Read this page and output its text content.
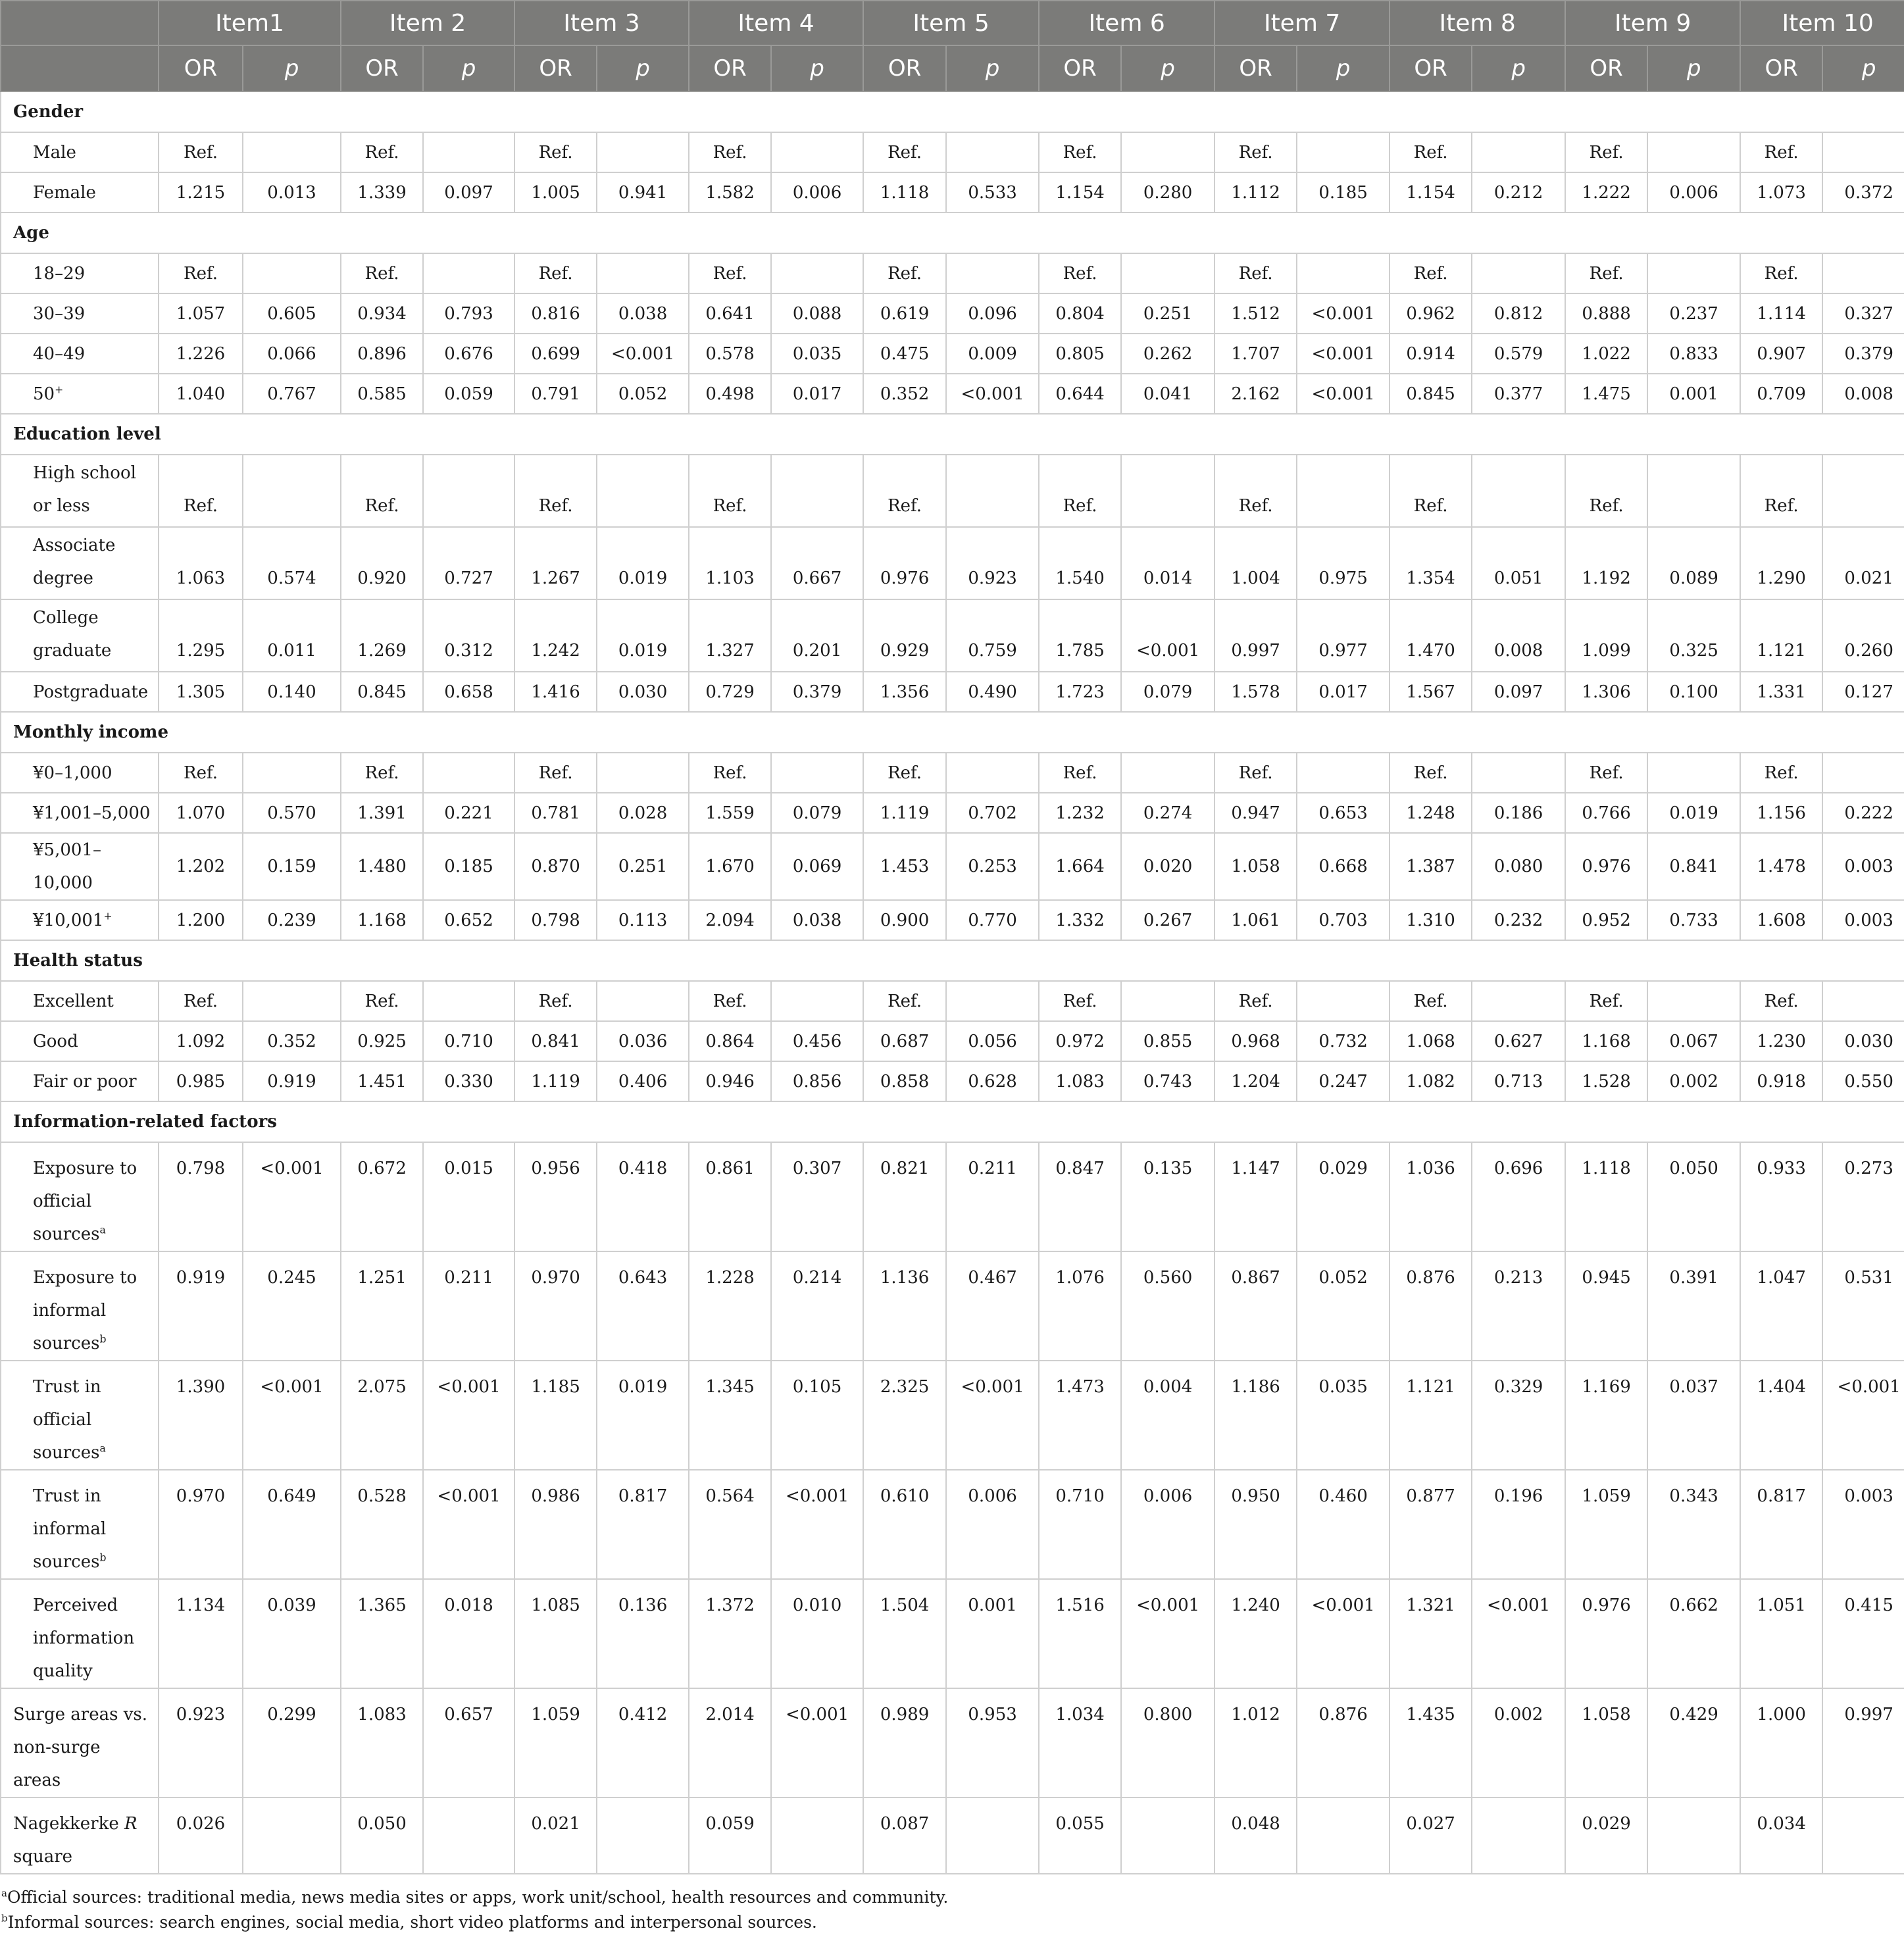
	Item1		Item 2		Item 3		Item 4		Item 5		Item 6		Item 7		Item 8		Item 9		Item 10	
	OR	p	OR	p	OR	p	OR	p	OR	p	OR	p	OR	p	OR	p	OR	p	OR	p
Gender																				
Male	Ref.		Ref.		Ref.		Ref.		Ref.		Ref.		Ref.		Ref.		Ref.		Ref.	
Female	1.215	0.013	1.339	0.097	1.005	0.941	1.582	0.006	1.118	0.533	1.154	0.280	1.112	0.185	1.154	0.212	1.222	0.006	1.073	0.372
Age																				
18–29	Ref.		Ref.		Ref.		Ref.		Ref.		Ref.		Ref.		Ref.		Ref.		Ref.	
30–39	1.057	0.605	0.934	0.793	0.816	0.038	0.641	0.088	0.619	0.096	0.804	0.251	1.512	<0.001	0.962	0.812	0.888	0.237	1.114	0.327
40–49	1.226	0.066	0.896	0.676	0.699	<0.001	0.578	0.035	0.475	0.009	0.805	0.262	1.707	<0.001	0.914	0.579	1.022	0.833	0.907	0.379
50+	1.040	0.767	0.585	0.059	0.791	0.052	0.498	0.017	0.352	<0.001	0.644	0.041	2.162	<0.001	0.845	0.377	1.475	0.001	0.709	0.008
Education level																				

High school
or less	Ref.		Ref.		Ref.		Ref.		Ref.		Ref.		Ref.		Ref.		Ref.		Ref.	

Associate
degree	1.063	0.574	0.920	0.727	1.267	0.019	1.103	0.667	0.976	0.923	1.540	0.014	1.004	0.975	1.354	0.051	1.192	0.089	1.290	0.021

College
graduate	1.295	0.011	1.269	0.312	1.242	0.019	1.327	0.201	0.929	0.759	1.785	<0.001	0.997	0.977	1.470	0.008	1.099	0.325	1.121	0.260
Postgraduate	1.305	0.140	0.845	0.658	1.416	0.030	0.729	0.379	1.356	0.490	1.723	0.079	1.578	0.017	1.567	0.097	1.306	0.100	1.331	0.127
Monthly income																				
¥0–1,000	Ref.		Ref.		Ref.		Ref.		Ref.		Ref.		Ref.		Ref.		Ref.		Ref.	
¥1,001–5,000	1.070	0.570	1.391	0.221	0.781	0.028	1.559	0.079	1.119	0.702	1.232	0.274	0.947	0.653	1.248	0.186	0.766	0.019	1.156	0.222
¥5,001–10,000	1.202	0.159	1.480	0.185	0.870	0.251	1.670	0.069	1.453	0.253	1.664	0.020	1.058	0.668	1.387	0.080	0.976	0.841	1.478	0.003
¥10,001+	1.200	0.239	1.168	0.652	0.798	0.113	2.094	0.038	0.900	0.770	1.332	0.267	1.061	0.703	1.310	0.232	0.952	0.733	1.608	0.003
Health status																				
Excellent	Ref.		Ref.		Ref.		Ref.		Ref.		Ref.		Ref.		Ref.		Ref.		Ref.	
Good	1.092	0.352	0.925	0.710	0.841	0.036	0.864	0.456	0.687	0.056	0.972	0.855	0.968	0.732	1.068	0.627	1.168	0.067	1.230	0.030
Fair or poor	0.985	0.919	1.451	0.330	1.119	0.406	0.946	0.856	0.858	0.628	1.083	0.743	1.204	0.247	1.082	0.713	1.528	0.002	0.918	0.550
Information-related factors																				

Exposure to
official
sources$^a$	0.798	<0.001	0.672	0.015	0.956	0.418	0.861	0.307	0.821	0.211	0.847	0.135	1.147	0.029	1.036	0.696	1.118	0.050	0.933	0.273

Exposure to
informal
sources$^b$	0.919	0.245	1.251	0.211	0.970	0.643	1.228	0.214	1.136	0.467	1.076	0.560	0.867	0.052	0.876	0.213	0.945	0.391	1.047	0.531

Trust in
official
sources$^a$	1.390	<0.001	2.075	<0.001	1.185	0.019	1.345	0.105	2.325	<0.001	1.473	0.004	1.186	0.035	1.121	0.329	1.169	0.037	1.404	<0.001

Trust in
informal
sources$^b$	0.970	0.649	0.528	<0.001	0.986	0.817	0.564	<0.001	0.610	0.006	0.710	0.006	0.950	0.460	0.877	0.196	1.059	0.343	0.817	0.003

Perceived
information
quality	1.134	0.039	1.365	0.018	1.085	0.136	1.372	0.010	1.504	0.001	1.516	<0.001	1.240	<0.001	1.321	<0.001	0.976	0.662	1.051	0.415

Surge areas vs.
non-surge areas	0.923	0.299	1.083	0.657	1.059	0.412	2.014	<0.001	0.989	0.953	1.034	0.800	1.012	0.876	1.435	0.002	1.058	0.429	1.000	0.997

Nagekkerke R
square	0.026		0.050		0.021		0.059		0.087		0.055		0.048		0.027		0.029		0.034	
$^a$Official sources: traditional media, news media sites or apps, work unit/school, health resources and community.
$^b$Informal sources: search engines, social media, short video platforms and interpersonal sources.
